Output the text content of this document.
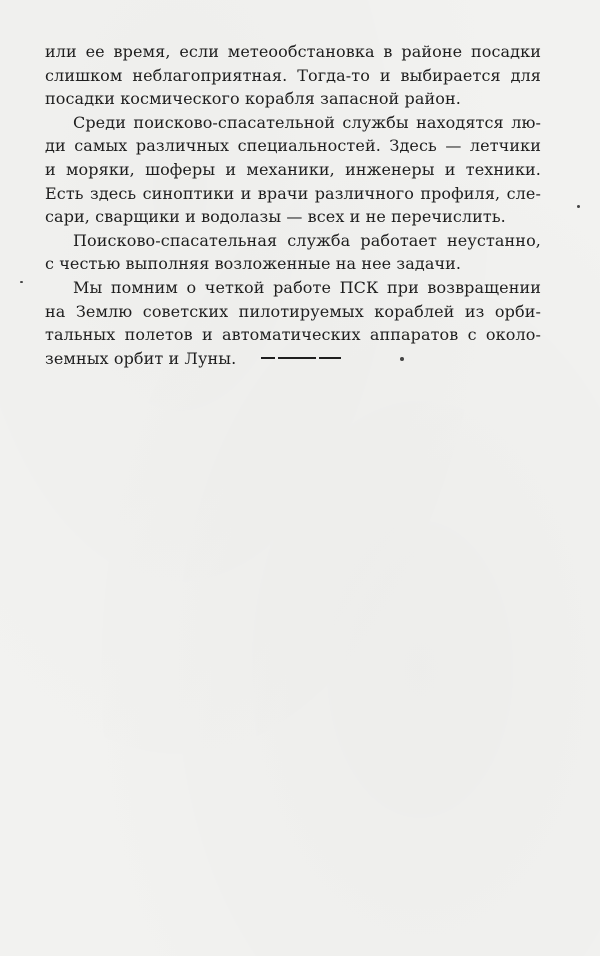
или ее время, если метеообстановка в районе посадки
слишком неблагоприятная. Тогда-то и выбирается для
посадки космического корабля запасной район.
Среди поисково-спасательной службы находятся лю-
ди самых различных специальностей. Здесь — летчики
и моряки, шоферы и механики, инженеры и техники.
Есть здесь синоптики и врачи различного профиля, сле-
сари, сварщики и водолазы — всех и не перечислить.
Поисково-спасательная служба работает неустанно,
с честью выполняя возложенные на нее задачи.
Мы помним о четкой работе ПСК при возвращении
на Землю советских пилотируемых кораблей из орби-
тальных полетов и автоматических аппаратов с около-
земных орбит и Луны.
